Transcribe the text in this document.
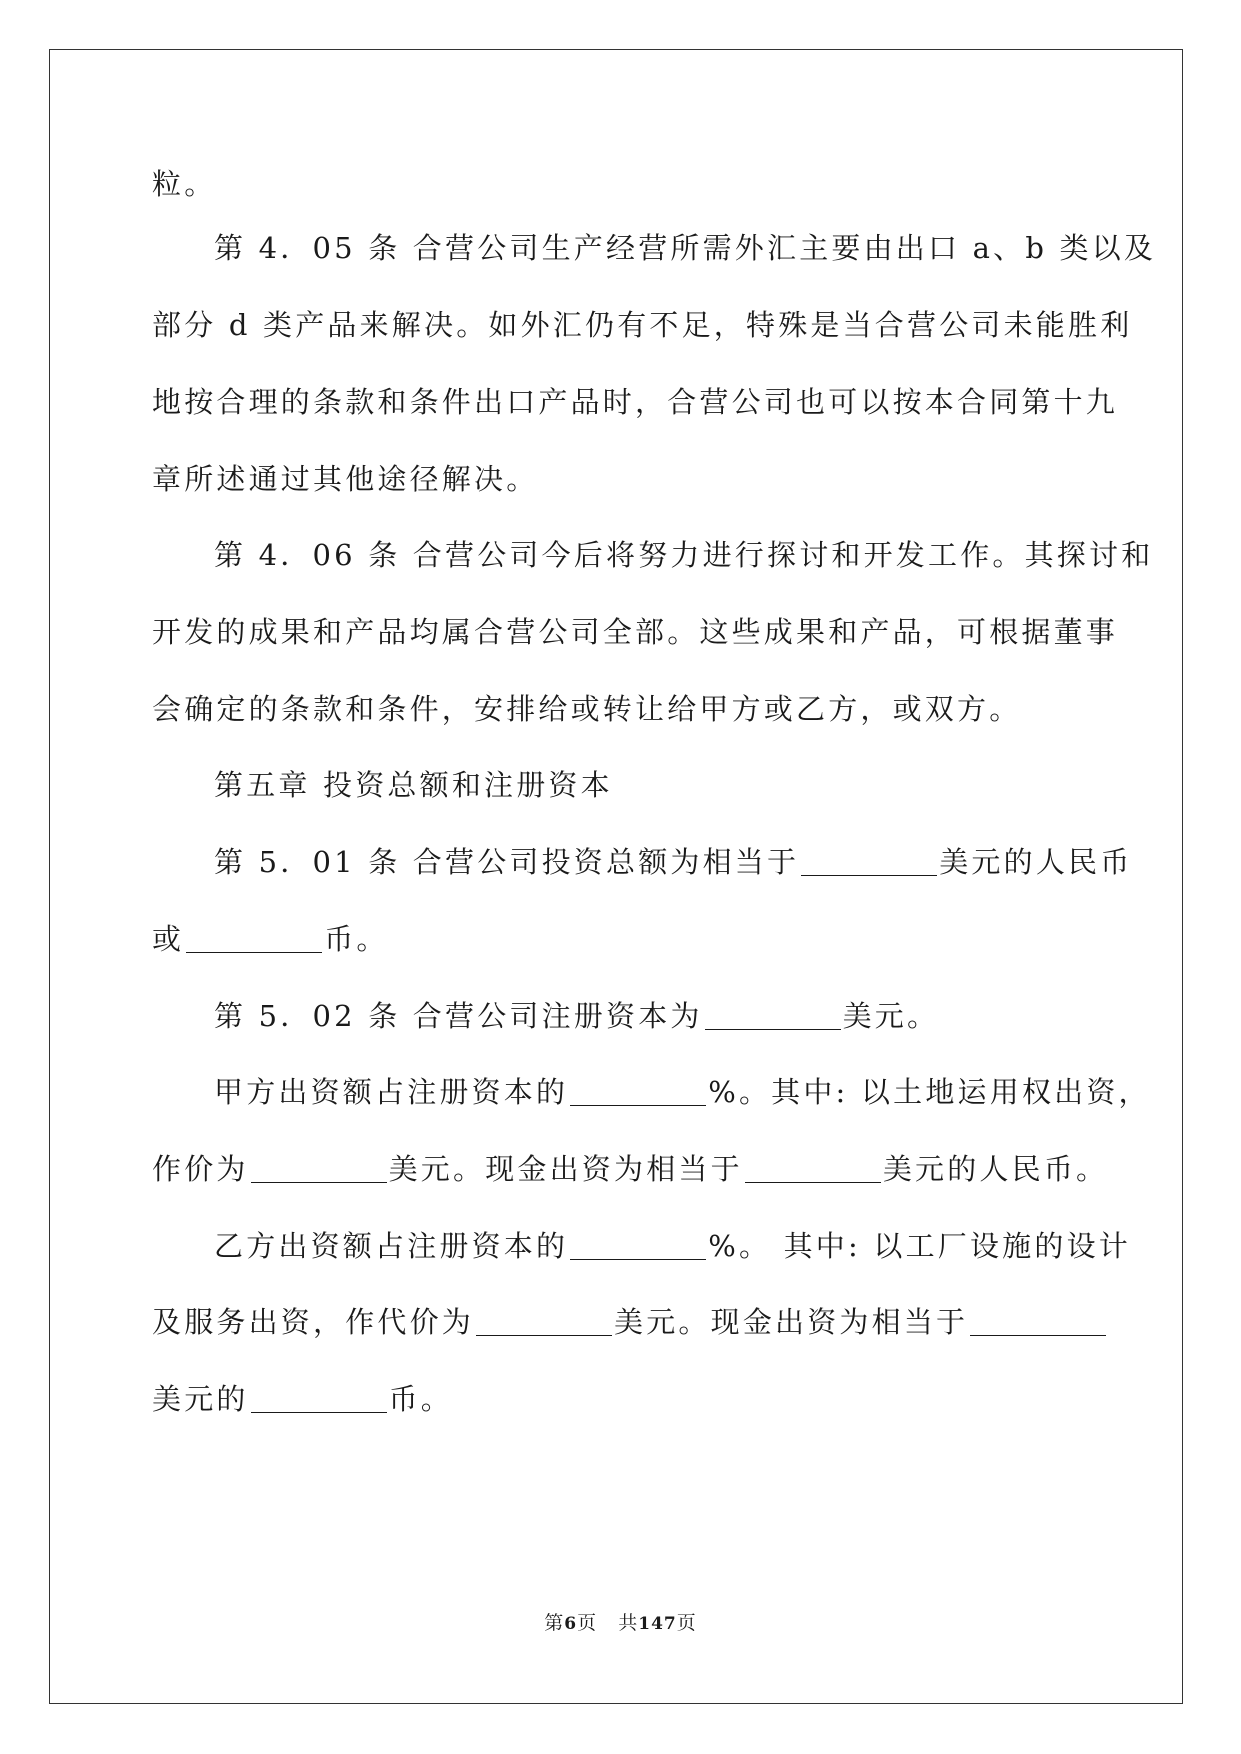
粒。
第 4．05 条 合营公司生产经营所需外汇主要由出口 a、b 类以及
部分 d 类产品来解决。如外汇仍有不足，特殊是当合营公司未能胜利
地按合理的条款和条件出口产品时，合营公司也可以按本合同第十九
章所述通过其他途径解决。
第 4．06 条 合营公司今后将努力进行探讨和开发工作。其探讨和
开发的成果和产品均属合营公司全部。这些成果和产品，可根据董事
会确定的条款和条件，安排给或转让给甲方或乙方，或双方。
第五章 投资总额和注册资本
第 5．01 条 合营公司投资总额为相当于	美元的人民币
或	币。
第 5．02 条 合营公司注册资本为	美元。
甲方出资额占注册资本的	%。其中: 以土地运用权出资，
作价为	美元。现金出资为相当于	美元的人民币。
乙方出资额占注册资本的	%。 其中: 以工厂设施的设计
及服务出资，作代价为	美元。现金出资为相当于
美元的	币。
第6页 共147页
